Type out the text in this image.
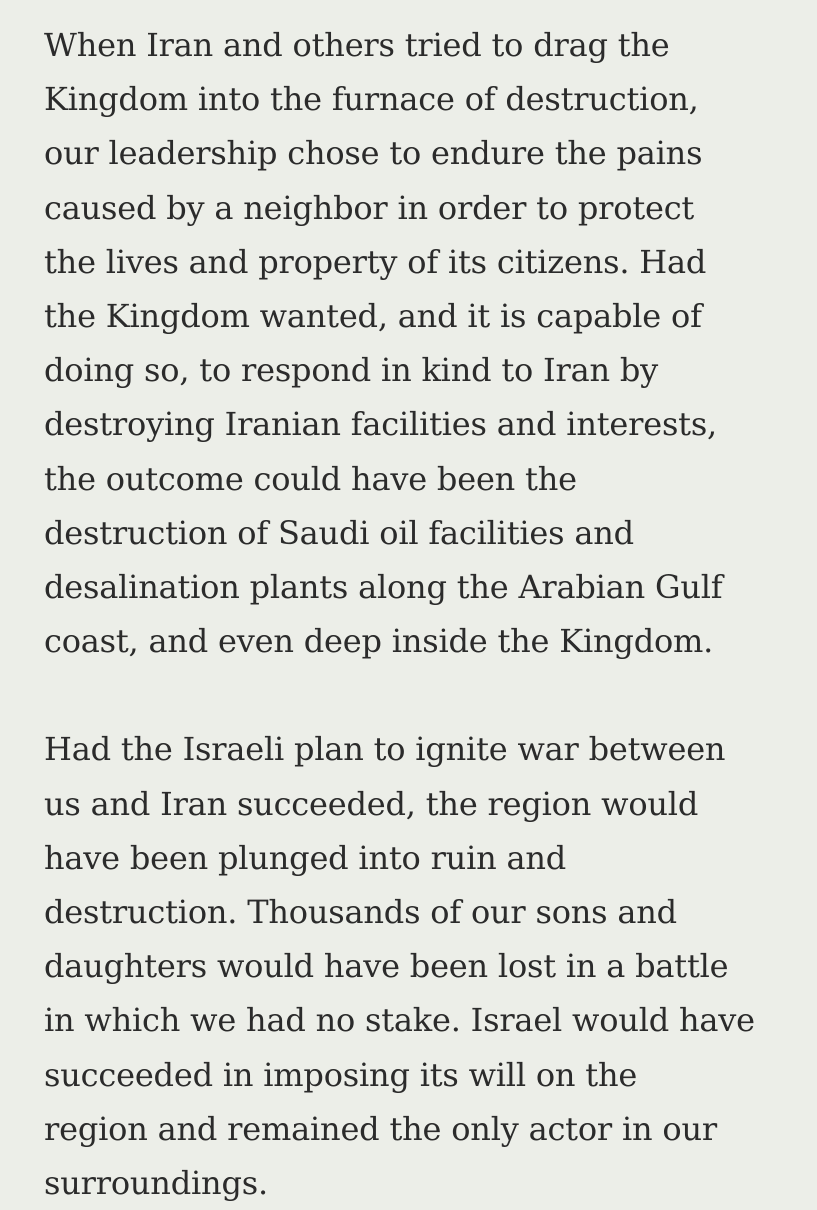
When Iran and others tried to drag the
Kingdom into the furnace of destruction,
our leadership chose to endure the pains
caused by a neighbor in order to protect
the lives and property of its citizens. Had
the Kingdom wanted, and it is capable of
doing so, to respond in kind to Iran by
destroying Iranian facilities and interests,
the outcome could have been the
destruction of Saudi oil facilities and
desalination plants along the Arabian Gulf
coast, and even deep inside the Kingdom.
Had the Israeli plan to ignite war between
us and Iran succeeded, the region would
have been plunged into ruin and
destruction. Thousands of our sons and
daughters would have been lost in a battle
in which we had no stake. Israel would have
succeeded in imposing its will on the
region and remained the only actor in our
surroundings.
